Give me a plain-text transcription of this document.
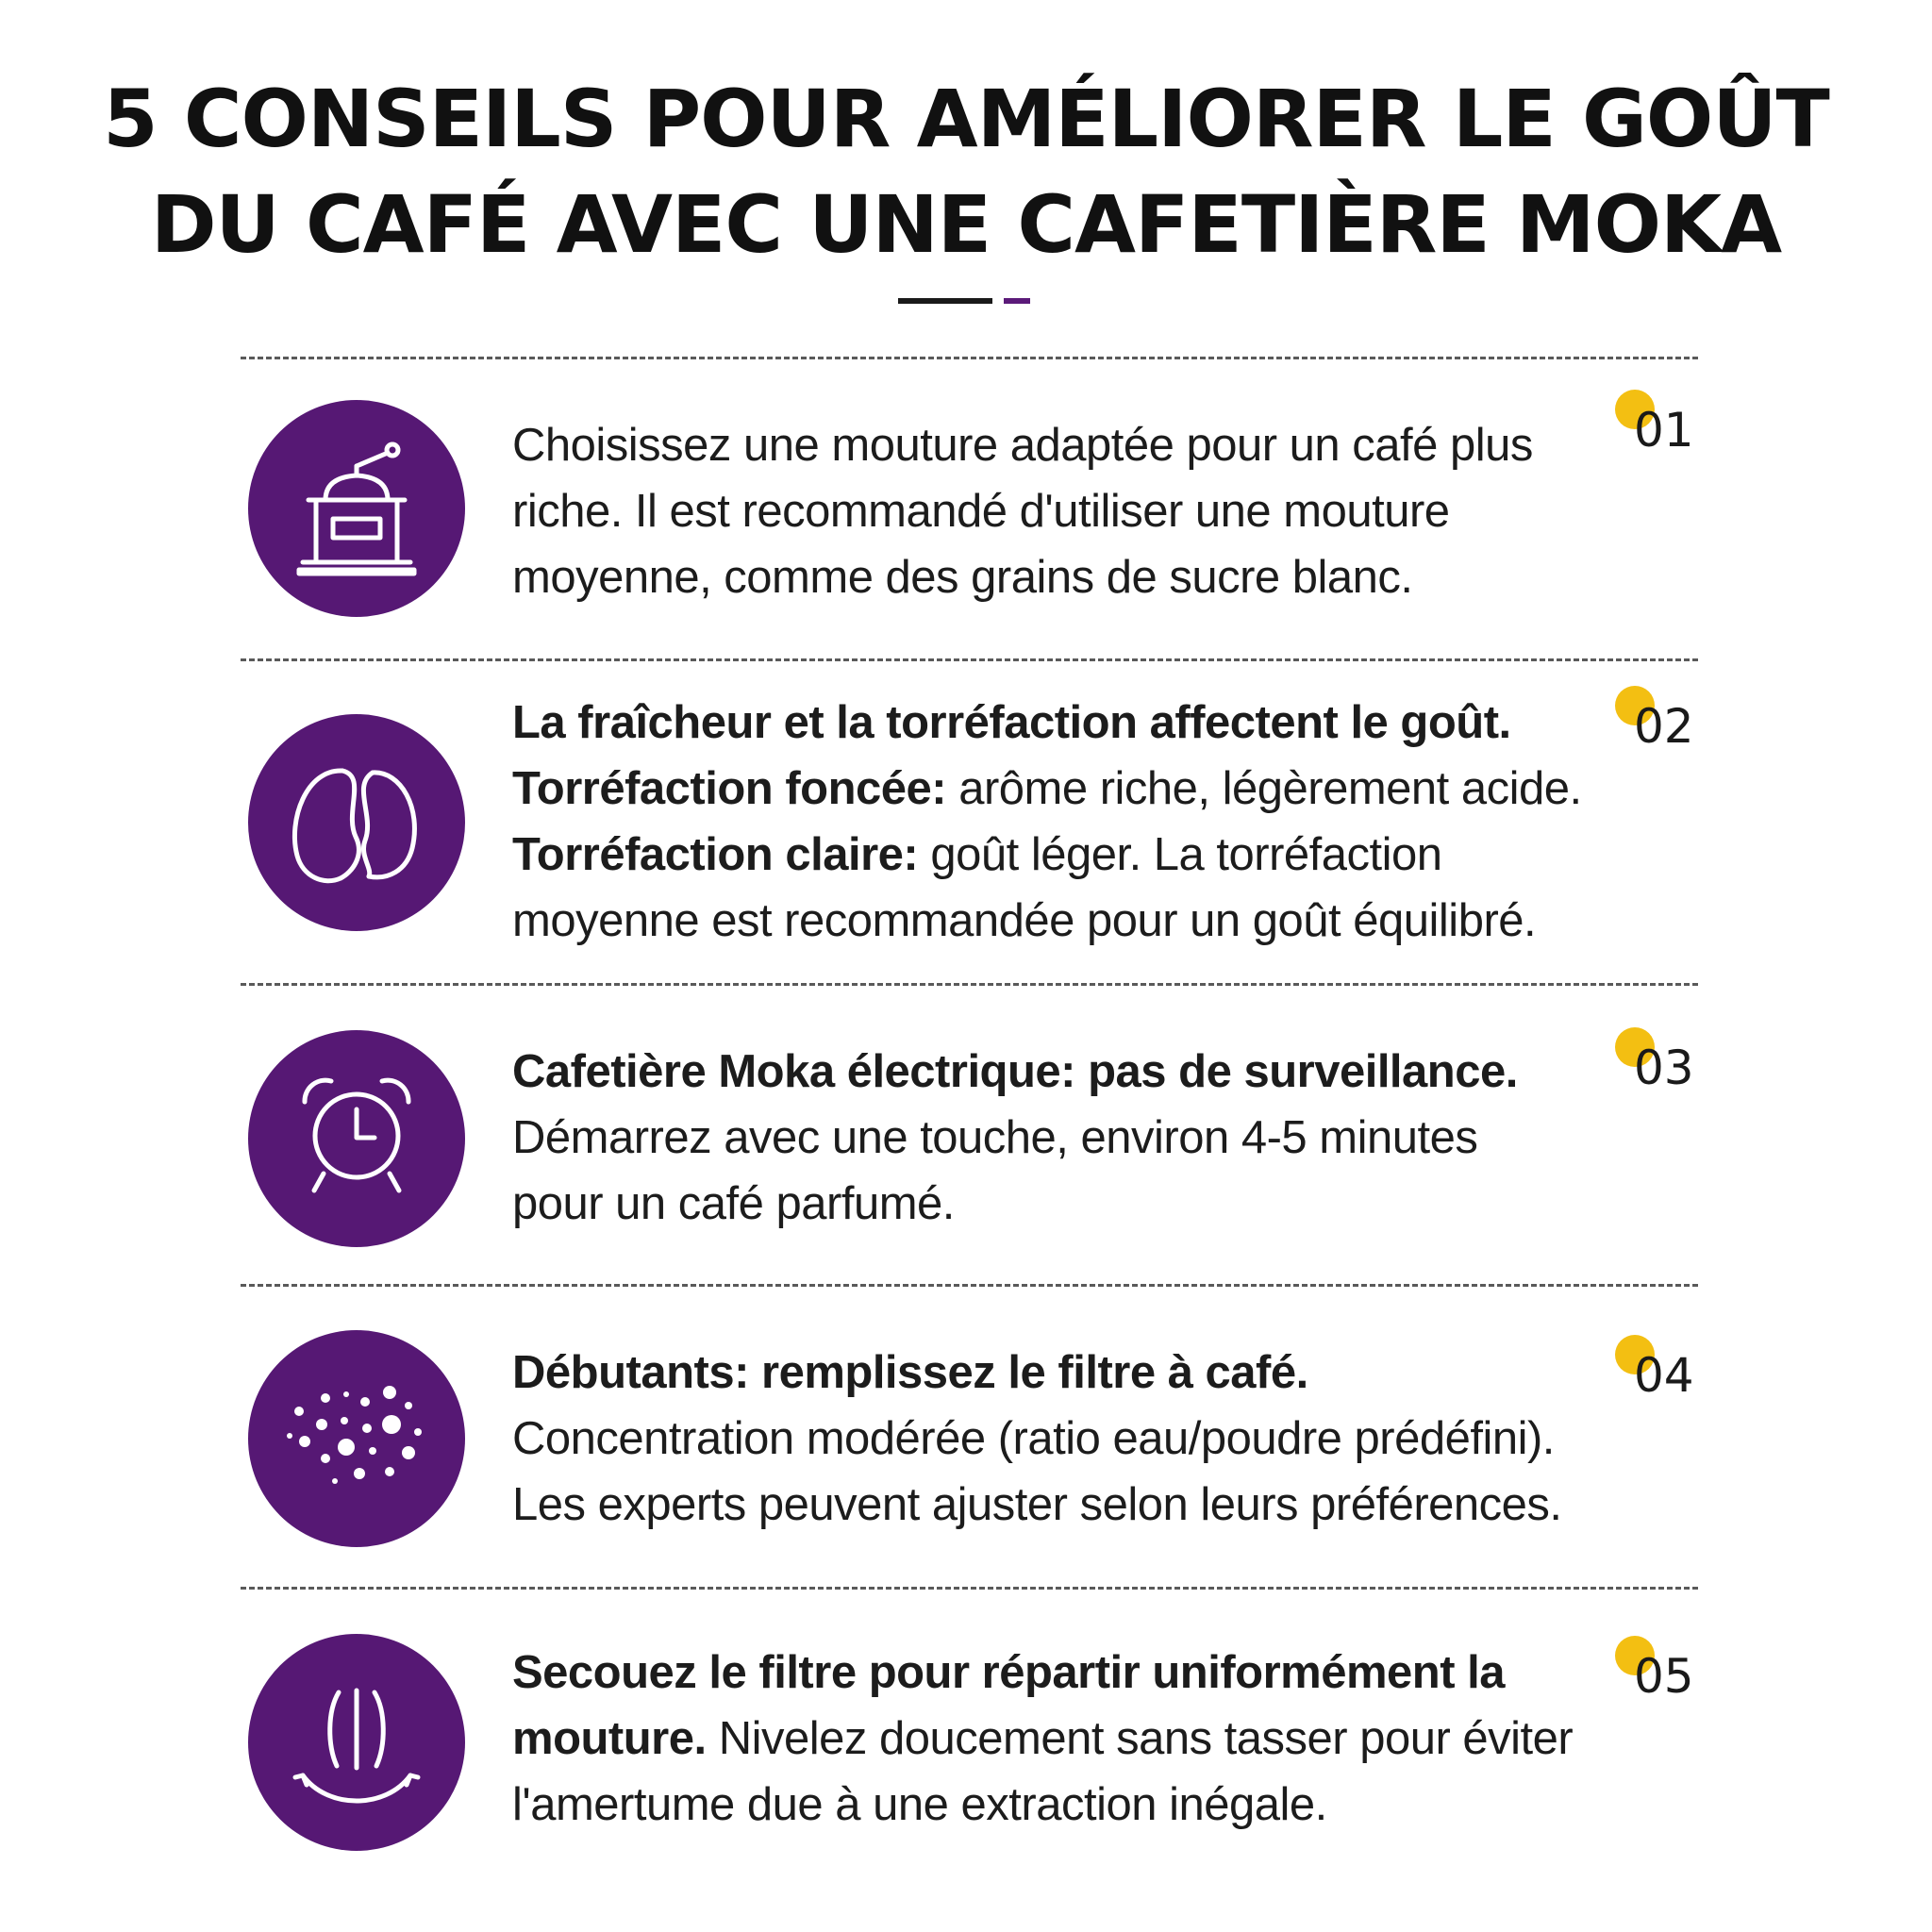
5 CONSEILS POUR AMÉLIORER LE GOÛT
DU CAFÉ AVEC UNE CAFETIÈRE MOKA
Choisissez une mouture adaptée pour un café plus
riche. Il est recommandé d'utiliser une mouture
moyenne, comme des grains de sucre blanc.
01
La fraîcheur et la torréfaction affectent le goût.
Torréfaction foncée: arôme riche, légèrement acide.
Torréfaction claire: goût léger. La torréfaction
moyenne est recommandée pour un goût équilibré.
02
Cafetière Moka électrique: pas de surveillance.
Démarrez avec une touche, environ 4-5 minutes
pour un café parfumé.
03
Débutants: remplissez le filtre à café.
Concentration modérée (ratio eau/poudre prédéfini).
Les experts peuvent ajuster selon leurs préférences.
04
Secouez le filtre pour répartir uniformément la
mouture. Nivelez doucement sans tasser pour éviter
l'amertume due à une extraction inégale.
05
